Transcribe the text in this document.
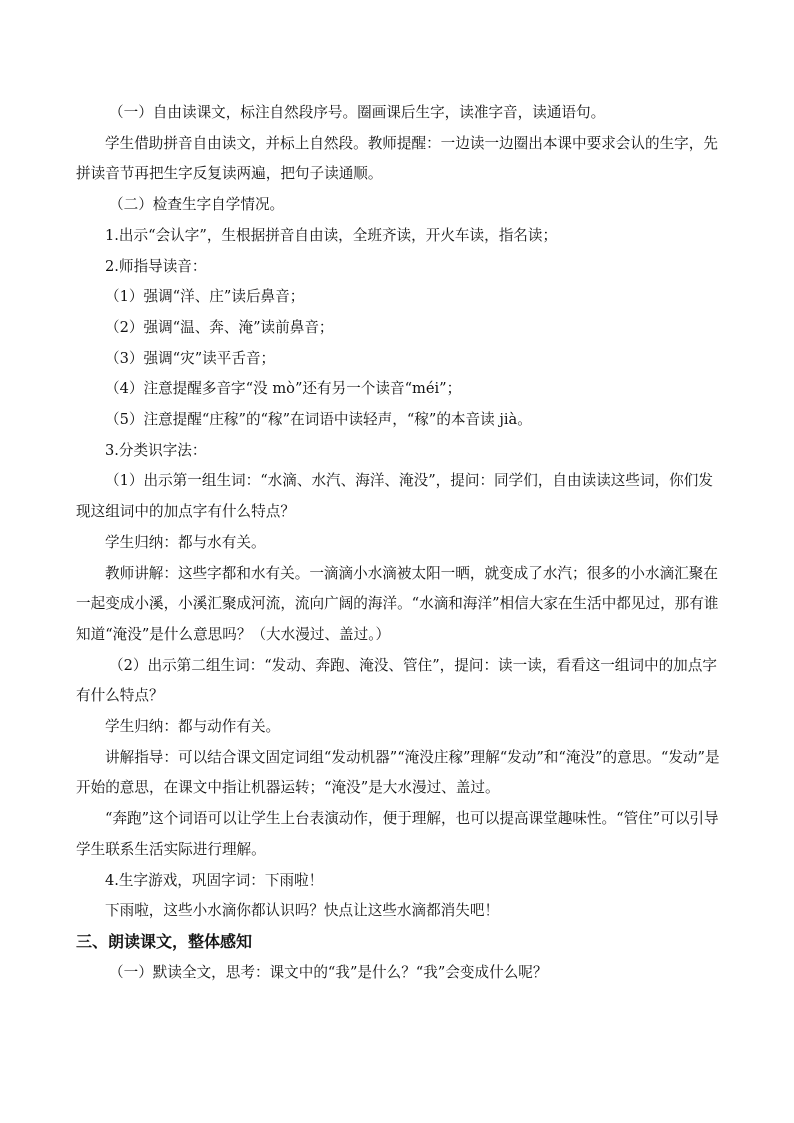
（一）自由读课文，标注自然段序号。圈画课后生字，读准字音，读通语句。

学生借助拼音自由读文，并标上自然段。教师提醒：一边读一边圈出本课中要求会认的生字，先拼读音节再把生字反复读两遍，把句子读通顺。

（二）检查生字自学情况。

1.出示“会认字”，生根据拼音自由读，全班齐读，开火车读，指名读；

2.师指导读音：

（1）强调“洋、庄”读后鼻音；

（2）强调“温、奔、淹”读前鼻音；

（3）强调“灾”读平舌音；

（4）注意提醒多音字“没 mò”还有另一个读音“méi”；

（5）注意提醒“庄稼”的“稼”在词语中读轻声，“稼”的本音读 jià。

3.分类识字法：

（1）出示第一组生词：“水滴、水汽、海洋、淹没”，提问：同学们，自由读读这些词，你们发现这组词中的加点字有什么特点？

学生归纳：都与水有关。

教师讲解：这些字都和水有关。一滴滴小水滴被太阳一晒，就变成了水汽；很多的小水滴汇聚在一起变成小溪，小溪汇聚成河流，流向广阔的海洋。“水滴和海洋”相信大家在生活中都见过，那有谁知道“淹没”是什么意思吗？（大水漫过、盖过。）

（2）出示第二组生词：“发动、奔跑、淹没、管住”，提问：读一读，看看这一组词中的加点字有什么特点？

学生归纳：都与动作有关。

讲解指导：可以结合课文固定词组“发动机器”“淹没庄稼”理解“发动”和“淹没”的意思。“发动”是开始的意思，在课文中指让机器运转；“淹没”是大水漫过、盖过。

“奔跑”这个词语可以让学生上台表演动作，便于理解，也可以提高课堂趣味性。“管住”可以引导学生联系生活实际进行理解。

4.生字游戏，巩固字词：下雨啦！

下雨啦，这些小水滴你都认识吗？快点让这些水滴都消失吧！

三、朗读课文，整体感知

（一）默读全文，思考：课文中的“我”是什么？“我”会变成什么呢？
